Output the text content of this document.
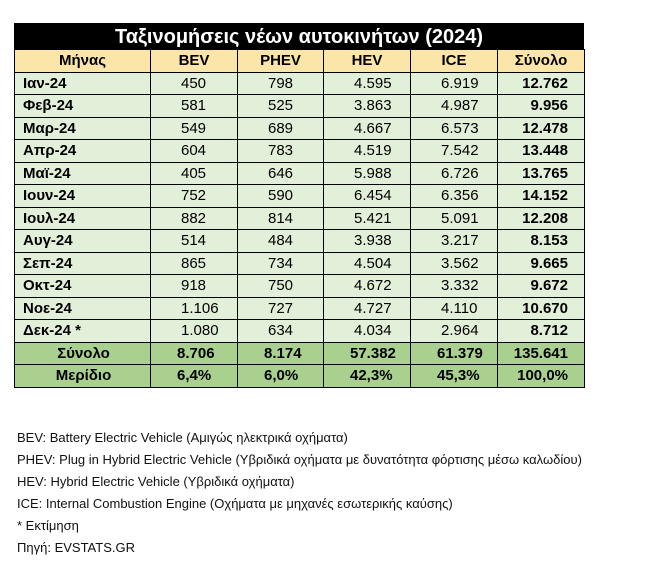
Ταξινομήσεις νέων αυτοκινήτων (2024)
Μήνας	BEV	PHEV	HEV	ICE	Σύνολο
Ιαν-24	450	798	4.595	6.919	12.762
Φεβ-24	581	525	3.863	4.987	9.956
Μαρ-24	549	689	4.667	6.573	12.478
Απρ-24	604	783	4.519	7.542	13.448
Μαϊ-24	405	646	5.988	6.726	13.765
Ιουν-24	752	590	6.454	6.356	14.152
Ιουλ-24	882	814	5.421	5.091	12.208
Αυγ-24	514	484	3.938	3.217	8.153
Σεπ-24	865	734	4.504	3.562	9.665
Οκτ-24	918	750	4.672	3.332	9.672
Νοε-24	1.106	727	4.727	4.110	10.670
Δεκ-24 *	1.080	634	4.034	2.964	8.712
Σύνολο	8.706	8.174	57.382	61.379	135.641
Μερίδιο	6,4%	6,0%	42,3%	45,3%	100,0%
BEV: Battery Electric Vehicle (Αμιγώς ηλεκτρικά οχήματα)
PHEV: Plug in Hybrid Electric Vehicle (Υβριδικά οχήματα με δυνατότητα φόρτισης μέσω καλωδίου)
HEV: Hybrid Electric Vehicle (Υβριδικά οχήματα)
ICE: Internal Combustion Engine (Οχήματα με μηχανές εσωτερικής καύσης)
* Εκτίμηση
Πηγή: EVSTATS.GR
